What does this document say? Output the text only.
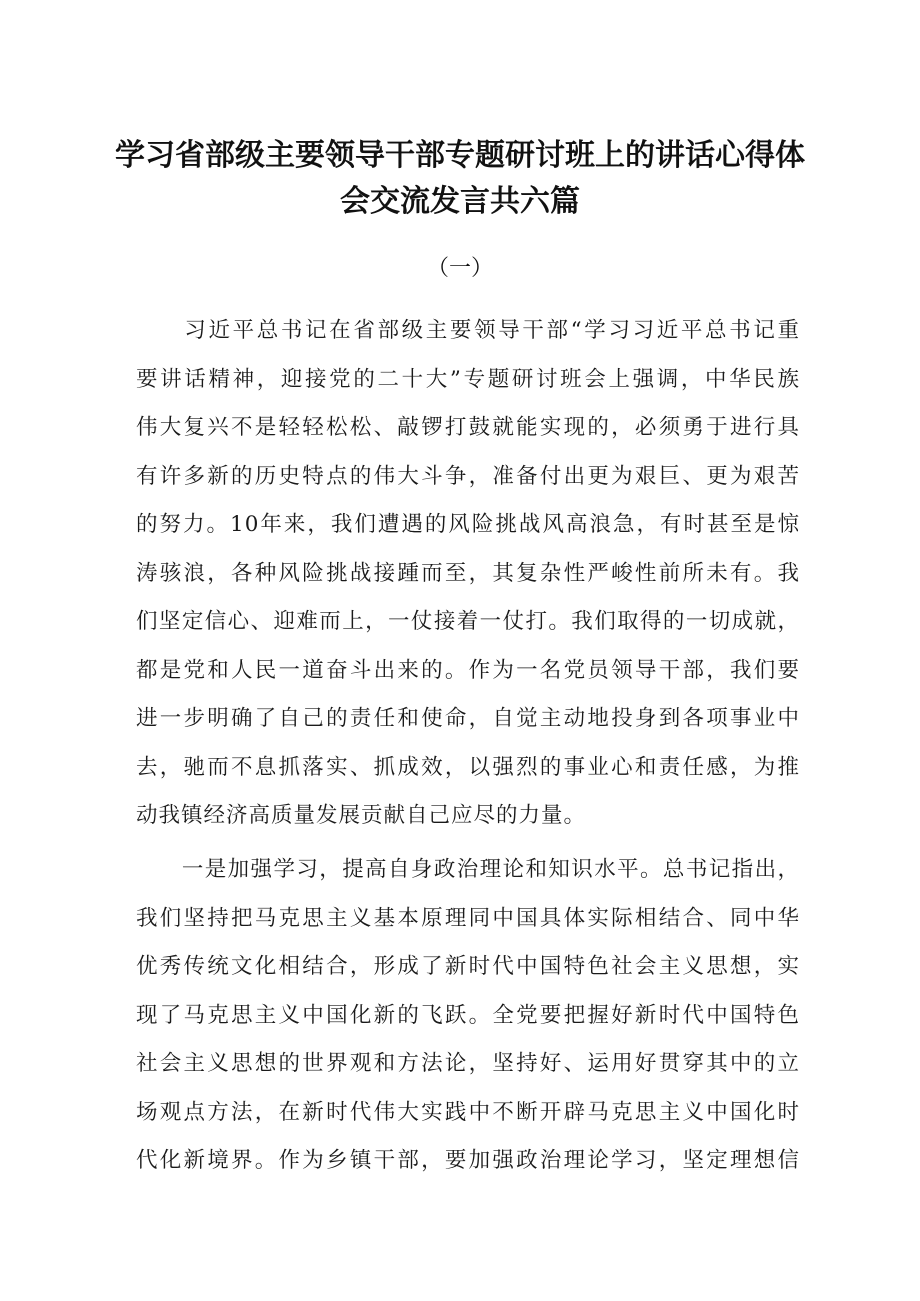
学习省部级主要领导干部专题研讨班上的讲话心得体
会交流发言共六篇
（一）
　　习近平总书记在省部级主要领导干部“学习习近平总书记重
要讲话精神，迎接党的二十大”专题研讨班会上强调，中华民族
伟大复兴不是轻轻松松、敲锣打鼓就能实现的，必须勇于进行具
有许多新的历史特点的伟大斗争，准备付出更为艰巨、更为艰苦
的努力。10年来，我们遭遇的风险挑战风高浪急，有时甚至是惊
涛骇浪，各种风险挑战接踵而至，其复杂性严峻性前所未有。我
们坚定信心、迎难而上，一仗接着一仗打。我们取得的一切成就，
都是党和人民一道奋斗出来的。作为一名党员领导干部，我们要
进一步明确了自己的责任和使命，自觉主动地投身到各项事业中
去，驰而不息抓落实、抓成效，以强烈的事业心和责任感，为推
动我镇经济高质量发展贡献自己应尽的力量。
　　一是加强学习，提高自身政治理论和知识水平。总书记指出，
我们坚持把马克思主义基本原理同中国具体实际相结合、同中华
优秀传统文化相结合，形成了新时代中国特色社会主义思想，实
现了马克思主义中国化新的飞跃。全党要把握好新时代中国特色
社会主义思想的世界观和方法论，坚持好、运用好贯穿其中的立
场观点方法，在新时代伟大实践中不断开辟马克思主义中国化时
代化新境界。作为乡镇干部，要加强政治理论学习，坚定理想信
